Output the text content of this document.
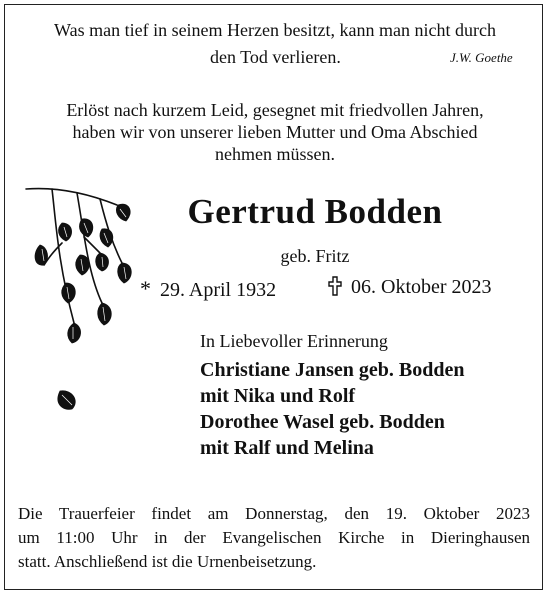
Was man tief in seinem Herzen besitzt, kann man nicht durch
den Tod verlieren.	J.W. Goethe
Erlöst nach kurzem Leid, gesegnet mit friedvollen Jahren,
haben wir von unserer lieben Mutter und Oma Abschied
nehmen müssen.
Gertrud Bodden
geb. Fritz
* 29. April 1932	06. Oktober 2023
In Liebevoller Erinnerung
Christiane Jansen geb. Bodden
mit Nika und Rolf
Dorothee Wasel geb. Bodden
mit Ralf und Melina
Die Trauerfeier findet am Donnerstag, den 19. Oktober 2023
um 11:00 Uhr in der Evangelischen Kirche in Dieringhausen
statt. Anschließend ist die Urnenbeisetzung.
